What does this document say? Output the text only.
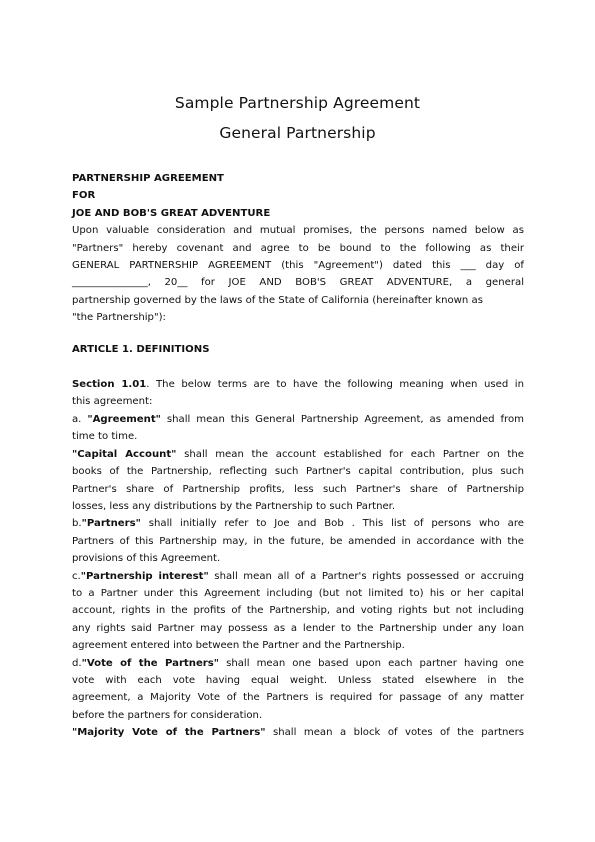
Sample Partnership Agreement
General Partnership
PARTNERSHIP AGREEMENT
FOR
JOE AND BOB'S GREAT ADVENTURE
Upon valuable consideration and mutual promises, the persons named below as
"Partners" hereby covenant and agree to be bound to the following as their
GENERAL PARTNERSHIP AGREEMENT (this "Agreement") dated this ___ day of
_______________, 20__ for JOE AND BOB'S GREAT ADVENTURE, a general
partnership governed by the laws of the State of California (hereinafter known as
"the Partnership"):
ARTICLE 1. DEFINITIONS
Section 1.01. The below terms are to have the following meaning when used in
this agreement:
a. "Agreement" shall mean this General Partnership Agreement, as amended from
time to time.
"Capital Account" shall mean the account established for each Partner on the
books of the Partnership, reflecting such Partner's capital contribution, plus such
Partner's share of Partnership profits, less such Partner's share of Partnership
losses, less any distributions by the Partnership to such Partner.
b."Partners" shall initially refer to Joe and Bob . This list of persons who are
Partners of this Partnership may, in the future, be amended in accordance with the
provisions of this Agreement.
c."Partnership interest" shall mean all of a Partner's rights possessed or accruing
to a Partner under this Agreement including (but not limited to) his or her capital
account, rights in the profits of the Partnership, and voting rights but not including
any rights said Partner may possess as a lender to the Partnership under any loan
agreement entered into between the Partner and the Partnership.
d."Vote of the Partners" shall mean one based upon each partner having one
vote with each vote having equal weight. Unless stated elsewhere in the
agreement, a Majority Vote of the Partners is required for passage of any matter
before the partners for consideration.
"Majority Vote of the Partners" shall mean a block of votes of the partners
